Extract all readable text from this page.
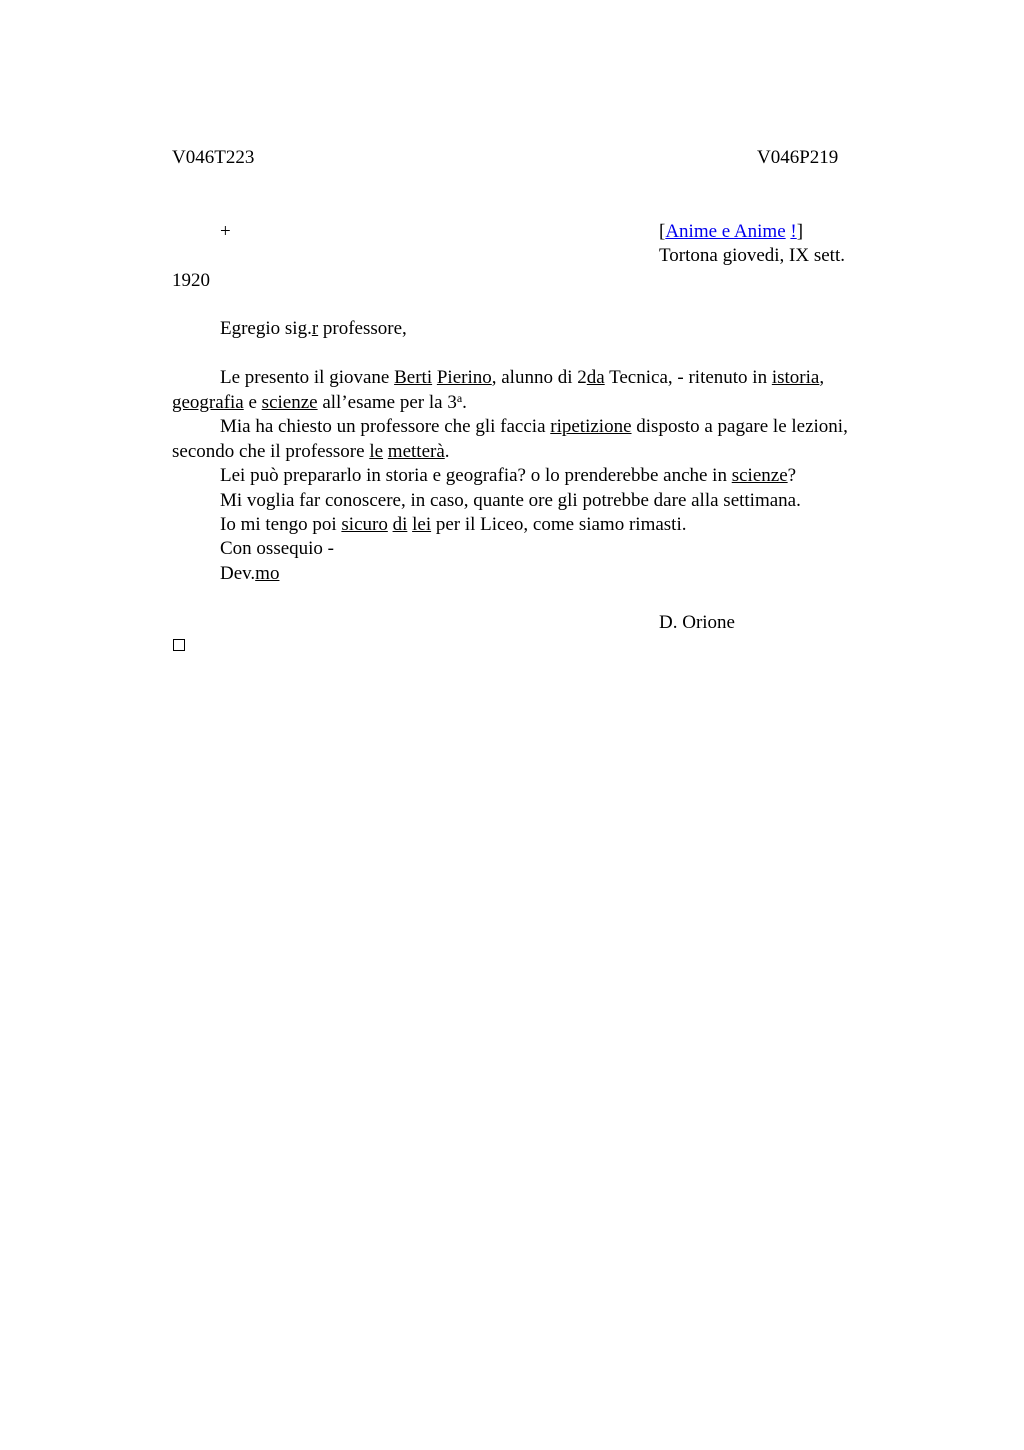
V046T223	V046P219
+	[Anime e Anime !]
Tortona giovedi, IX sett.
1920
Egregio sig.r professore,
Le presento il giovane Berti Pierino, alunno di 2da Tecnica, - ritenuto in istoria,
geografia e scienze all’esame per la 3$^a$.
Mia ha chiesto un professore che gli faccia ripetizione disposto a pagare le lezioni,
secondo che il professore le metterà.
Lei può prepararlo in storia e geografia? o lo prenderebbe anche in scienze?
Mi voglia far conoscere, in caso, quante ore gli potrebbe dare alla settimana.
Io mi tengo poi sicuro di lei per il Liceo, come siamo rimasti.
Con ossequio -
Dev.mo
D. Orione
